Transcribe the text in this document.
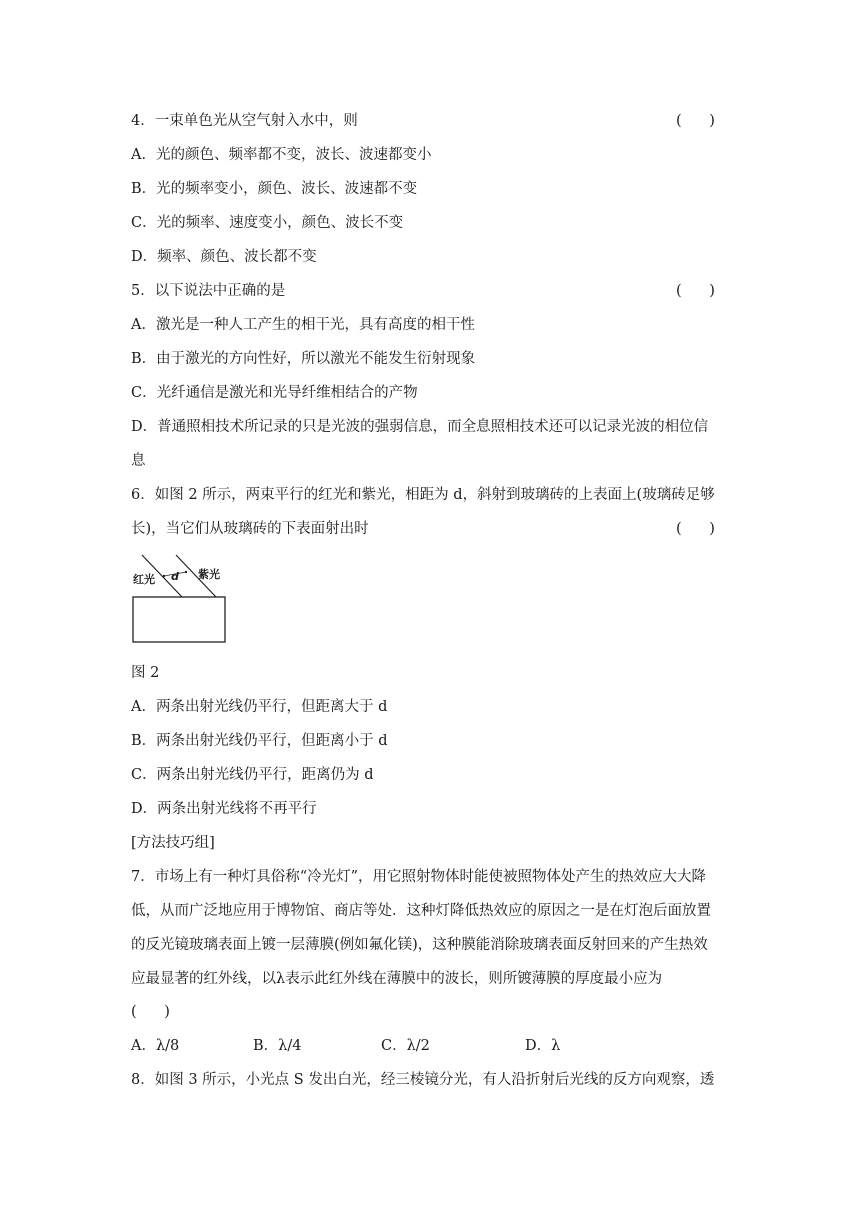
4．一束单色光从空气射入水中，则	(      )
A．光的颜色、频率都不变，波长、波速都变小
B．光的频率变小，颜色、波长、波速都不变
C．光的频率、速度变小，颜色、波长不变
D．频率、颜色、波长都不变
5．以下说法中正确的是	(      )
A．激光是一种人工产生的相干光，具有高度的相干性
B．由于激光的方向性好，所以激光不能发生衍射现象
C．光纤通信是激光和光导纤维相结合的产物
D．普通照相技术所记录的只是光波的强弱信息，而全息照相技术还可以记录光波的相位信
息
6．如图 2 所示，两束平行的红光和紫光，相距为 d，斜射到玻璃砖的上表面上(玻璃砖足够
长)，当它们从玻璃砖的下表面射出时	(      )
红光 d 紫光
图 2
A．两条出射光线仍平行，但距离大于 d
B．两条出射光线仍平行，但距离小于 d
C．两条出射光线仍平行，距离仍为 d
D．两条出射光线将不再平行
[方法技巧组]
7．市场上有一种灯具俗称“冷光灯”，用它照射物体时能使被照物体处产生的热效应大大降
低，从而广泛地应用于博物馆、商店等处．这种灯降低热效应的原因之一是在灯泡后面放置
的反光镜玻璃表面上镀一层薄膜(例如氟化镁)，这种膜能消除玻璃表面反射回来的产生热效
应最显著的红外线，以λ表示此红外线在薄膜中的波长，则所镀薄膜的厚度最小应为
(      )
A．λ/8	B．λ/4	C．λ/2	D．λ
8．如图 3 所示，小光点 S 发出白光，经三棱镜分光，有人沿折射后光线的反方向观察，透
